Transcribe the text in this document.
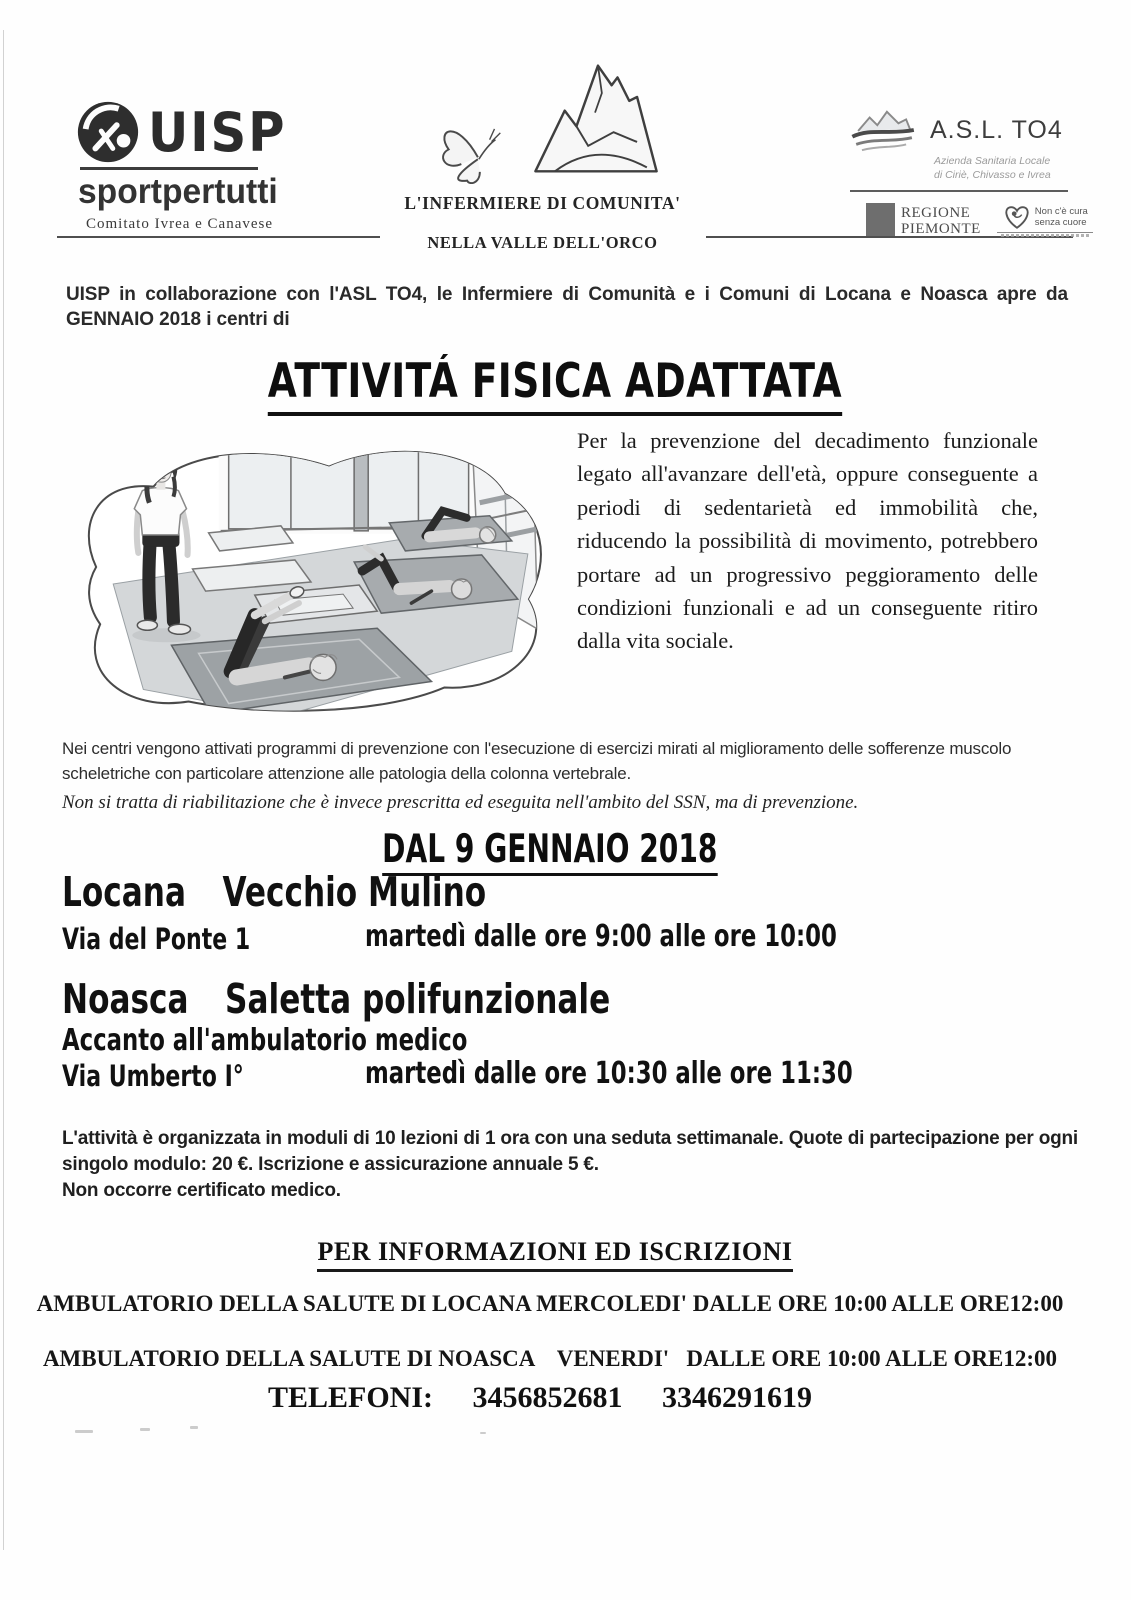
UISP
sportpertutti
Comitato Ivrea e Canavese
L'INFERMIERE DI COMUNITA'
NELLA VALLE DELL'ORCO
A.S.L. TO4
Azienda Sanitaria Locale
di Ciriè, Chivasso e Ivrea
REGIONE
PIEMONTE
Non c'è cura
senza cuore
UISP in collaborazione con l'ASL TO4, le Infermiere di Comunità e i Comuni di Locana e Noasca apre da GENNAIO 2018 i centri di
ATTIVITÁ FISICA ADATTATA
Per la prevenzione del decadimento funzionale legato all'avanzare dell'età, oppure conseguente a periodi di sedentarietà ed immobilità che, riducendo la possibilità di movimento, potrebbero portare ad un progressivo peggioramento delle condizioni funzionali e ad un conseguente ritiro dalla vita sociale.
Nei centri vengono attivati programmi di prevenzione con l'esecuzione di esercizi mirati al miglioramento delle sofferenze muscolo scheletriche con particolare attenzione alle patologia della colonna vertebrale.
Non si tratta di riabilitazione che è invece prescritta ed eseguita nell'ambito del SSN, ma di prevenzione.
DAL 9 GENNAIO 2018
Locana Vecchio Mulino
Via del Ponte 1	martedì dalle ore 9:00 alle ore 10:00
Noasca Saletta polifunzionale
Accanto all'ambulatorio medico
Via Umberto I°	martedì dalle ore 10:30 alle ore 11:30
L'attività è organizzata in moduli di 10 lezioni di 1 ora con una seduta settimanale. Quote di partecipazione per ogni singolo modulo: 20 €. Iscrizione e assicurazione annuale 5 €.
Non occorre certificato medico.
PER INFORMAZIONI ED ISCRIZIONI
AMBULATORIO DELLA SALUTE DI LOCANA MERCOLEDI' DALLE ORE 10:00 ALLE ORE12:00
AMBULATORIO DELLA SALUTE DI NOASCA    VENERDI'   DALLE ORE 10:00 ALLE ORE12:00
TELEFONI: 3456852681 3346291619
